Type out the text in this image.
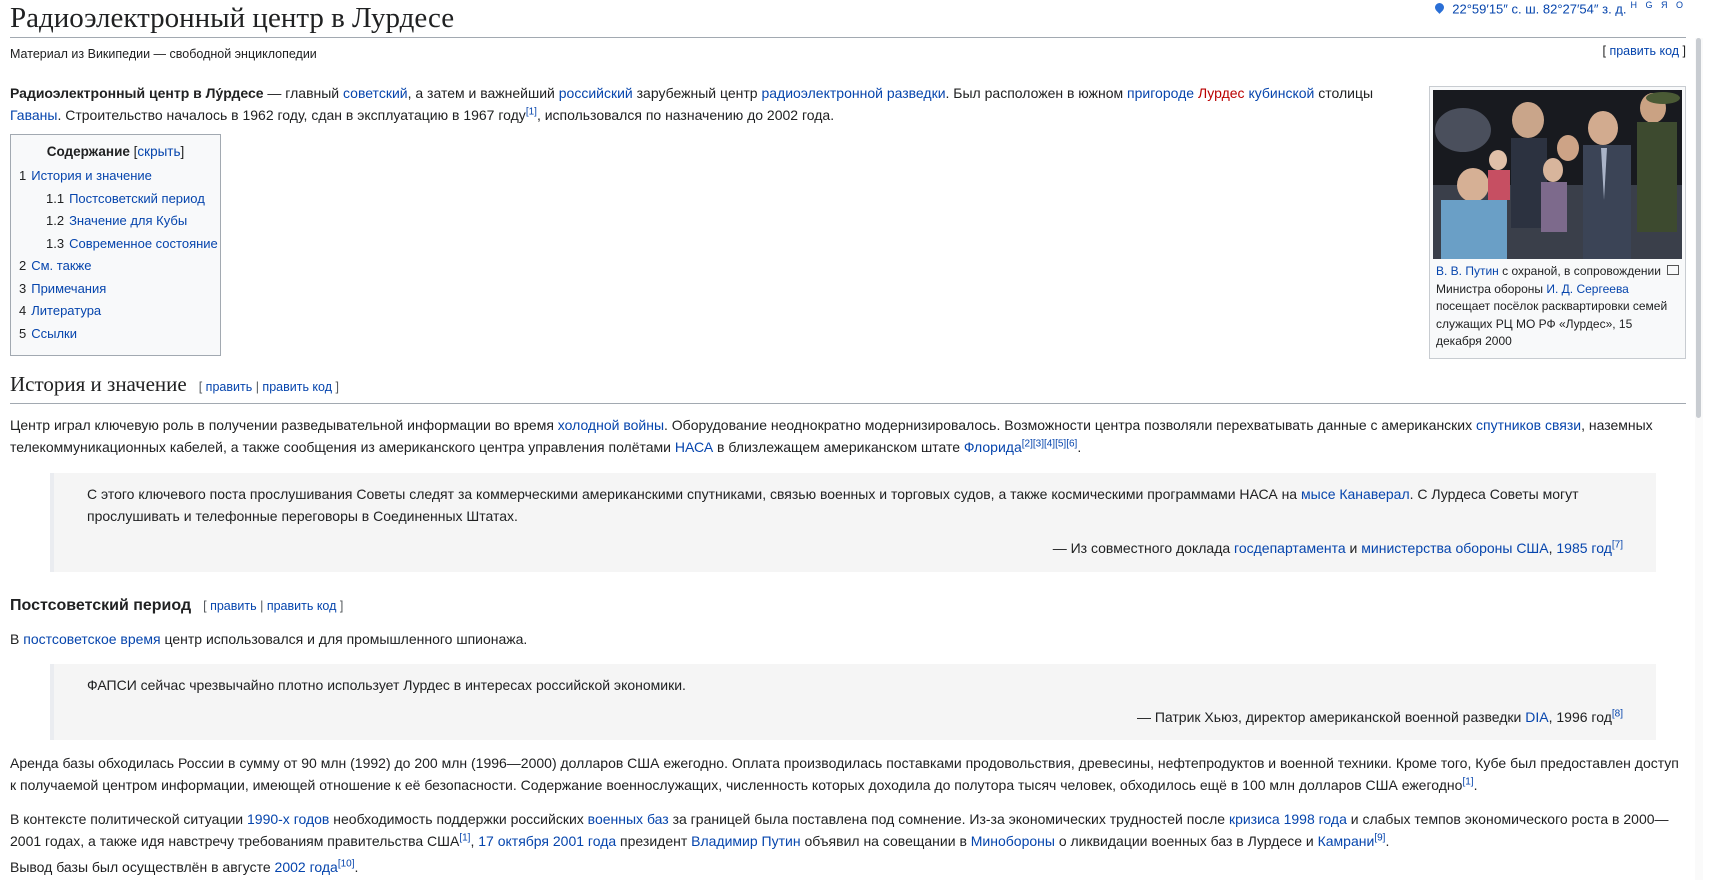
Радиоэлектронный центр в Лурдесе	22°59′15″ с. ш. 82°27′54″ з. д. $^{H G Я O}$
Материал из Википедии — свободной энциклопедии	[ править код ]

Радиоэлектронный центр в Лу́рдесе — главный советский, а затем и важнейший российский зарубежный центр радиоэлектронной разведки. Был расположен в южном пригороде Лурдес кубинской столицы Гаваны. Строительство началось в 1962 году, сдан в эксплуатацию в 1967 году[1], использовался по назначению до 2002 года.

Содержание [скрыть]
1 История и значение
1.1 Постсоветский период
1.2 Значение для Кубы
1.3 Современное состояние
2 См. также
3 Примечания
4 Литература
5 Ссылки
В. В. Путин с охраной, в сопровождении Министра обороны И. Д. Сергеева посещает посёлок расквартировки семей служащих РЦ МО РФ «Лурдес», 15 декабря 2000
История и значение [ править | править код ]

Центр играл ключевую роль в получении разведывательной информации во время холодной войны. Оборудование неоднократно модернизировалось. Возможности центра позволяли перехватывать данные с американских спутников связи, наземных телекоммуникационных кабелей, а также сообщения из американского центра управления полётами НАСА в близлежащем американском штате Флорида[2][3][4][5][6].

С этого ключевого поста прослушивания Советы следят за коммерческими американскими спутниками, связью военных и торговых судов, а также космическими программами НАСА на мысе Канаверал. С Лурдеса Советы могут прослушивать и телефонные переговоры в Соединенных Штатах.

— Из совместного доклада госдепартамента и министерства обороны США, 1985 год[7]

Постсоветский период [ править | править код ]

В постсоветское время центр использовался и для промышленного шпионажа.

ФАПСИ сейчас чрезвычайно плотно использует Лурдес в интересах российской экономики.

— Патрик Хьюз, директор американской военной разведки DIA, 1996 год[8]

Аренда базы обходилась России в сумму от 90 млн (1992) до 200 млн (1996—2000) долларов США ежегодно. Оплата производилась поставками продовольствия, древесины, нефтепродуктов и военной техники. Кроме того, Кубе был предоставлен доступ к получаемой центром информации, имеющей отношение к её безопасности. Содержание военнослужащих, численность которых доходила до полутора тысяч человек, обходилось ещё в 100 млн долларов США ежегодно[1].

В контексте политической ситуации 1990-х годов необходимость поддержки российских военных баз за границей была поставлена под сомнение. Из-за экономических трудностей после кризиса 1998 года и слабых темпов экономического роста в 2000—2001 годах, а также идя навстречу требованиям правительства США[1], 17 октября 2001 года президент Владимир Путин объявил на совещании в Минобороны о ликвидации военных баз в Лурдесе и Камрани[9].

Вывод базы был осуществлён в августе 2002 года[10].
